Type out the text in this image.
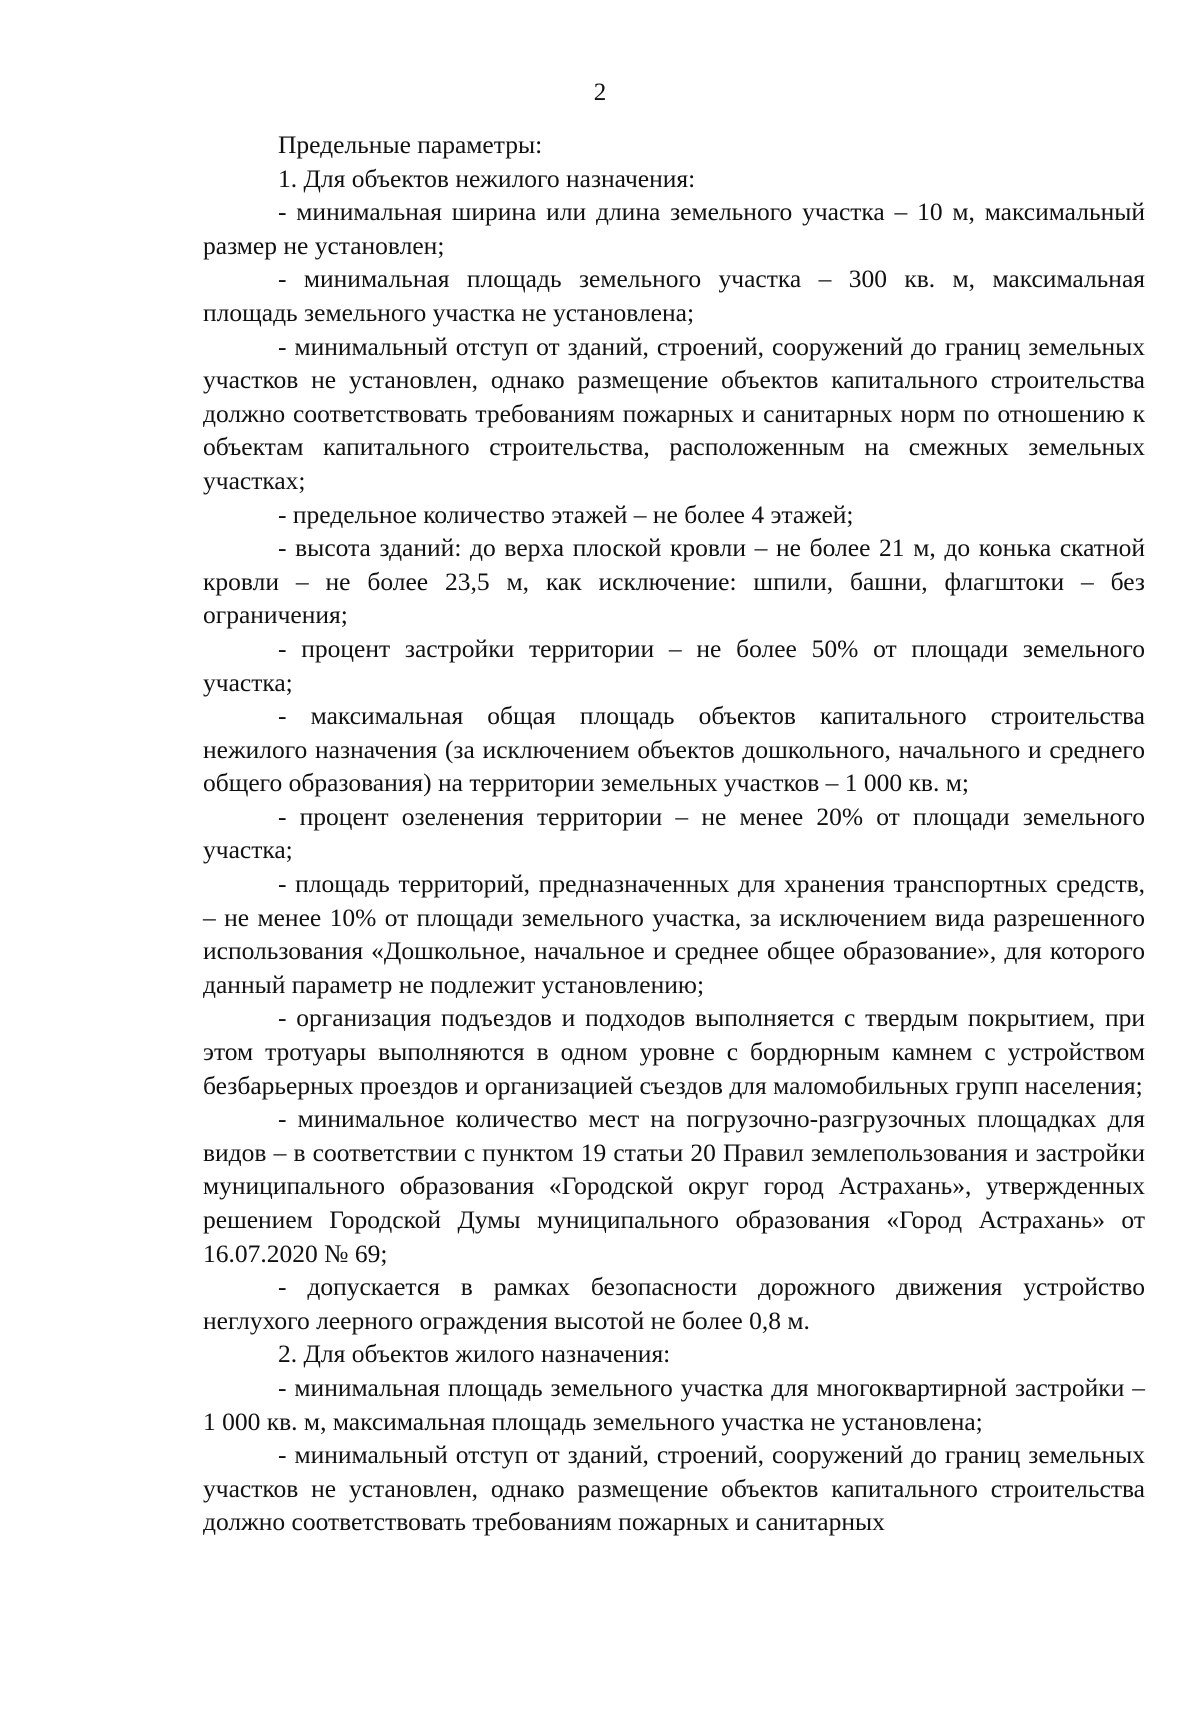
2

Предельные параметры:

1. Для объектов нежилого назначения:

- минимальная ширина или длина земельного участка – 10 м, максимальный размер не установлен;

- минимальная площадь земельного участка – 300 кв. м, максимальная площадь земельного участка не установлена;

- минимальный отступ от зданий, строений, сооружений до границ земельных участков не установлен, однако размещение объектов капитального строительства должно соответствовать требованиям пожарных и санитарных норм по отношению к объектам капитального строительства, расположенным на смежных земельных участках;

- предельное количество этажей – не более 4 этажей;

- высота зданий: до верха плоской кровли – не более 21 м, до конька скатной кровли – не более 23,5 м, как исключение: шпили, башни, флагштоки – без ограничения;

- процент застройки территории – не более 50% от площади земельного участка;

- максимальная общая площадь объектов капитального строительства нежилого назначения (за исключением объектов дошкольного, начального и среднего общего образования) на территории земельных участков – 1 000 кв. м;

- процент озеленения территории – не менее 20% от площади земельного участка;

- площадь территорий, предназначенных для хранения транспортных средств, – не менее 10% от площади земельного участка, за исключением вида разрешенного использования «Дошкольное, начальное и среднее общее образование», для которого данный параметр не подлежит установлению;

- организация подъездов и подходов выполняется с твердым покрытием, при этом тротуары выполняются в одном уровне с бордюрным камнем с устройством безбарьерных проездов и организацией съездов для маломобильных групп населения;

- минимальное количество мест на погрузочно-разгрузочных площадках для видов – в соответствии с пунктом 19 статьи 20 Правил землепользования и застройки муниципального образования «Городской округ город Астрахань», утвержденных решением Городской Думы муниципального образования «Город Астрахань» от 16.07.2020 № 69;

- допускается в рамках безопасности дорожного движения устройство неглухого леерного ограждения высотой не более 0,8 м.

2. Для объектов жилого назначения:

- минимальная площадь земельного участка для многоквартирной застройки – 1 000 кв. м, максимальная площадь земельного участка не установлена;

- минимальный отступ от зданий, строений, сооружений до границ земельных участков не установлен, однако размещение объектов капитального строительства должно соответствовать требованиям пожарных и санитарных
